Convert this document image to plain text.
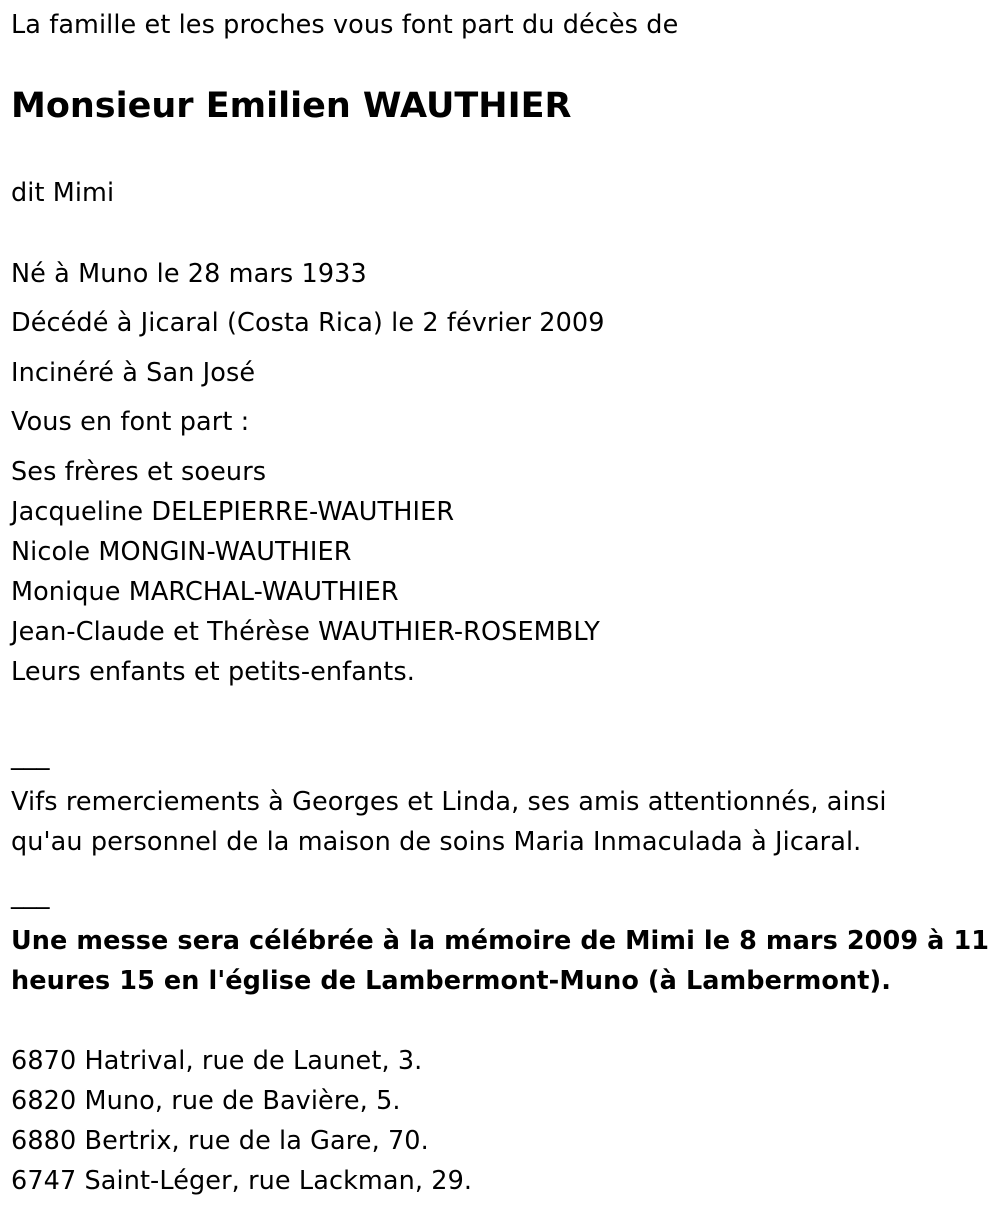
La famille et les proches vous font part du décès de
Monsieur Emilien WAUTHIER
dit Mimi
Né à Muno le 28 mars 1933
Décédé à Jicaral (Costa Rica) le 2 février 2009
Incinéré à San José
Vous en font part :
Ses frères et soeurs
Jacqueline DELEPIERRE-WAUTHIER
Nicole MONGIN-WAUTHIER
Monique MARCHAL-WAUTHIER
Jean-Claude et Thérèse WAUTHIER-ROSEMBLY
Leurs enfants et petits-enfants.
___
Vifs remerciements à Georges et Linda, ses amis attentionnés, ainsi
qu'au personnel de la maison de soins Maria Inmaculada à Jicaral.
___
Une messe sera célébrée à la mémoire de Mimi le 8 mars 2009 à 11
heures 15 en l'église de Lambermont-Muno (à Lambermont).
6870 Hatrival, rue de Launet, 3.
6820 Muno, rue de Bavière, 5.
6880 Bertrix, rue de la Gare, 70.
6747 Saint-Léger, rue Lackman, 29.
